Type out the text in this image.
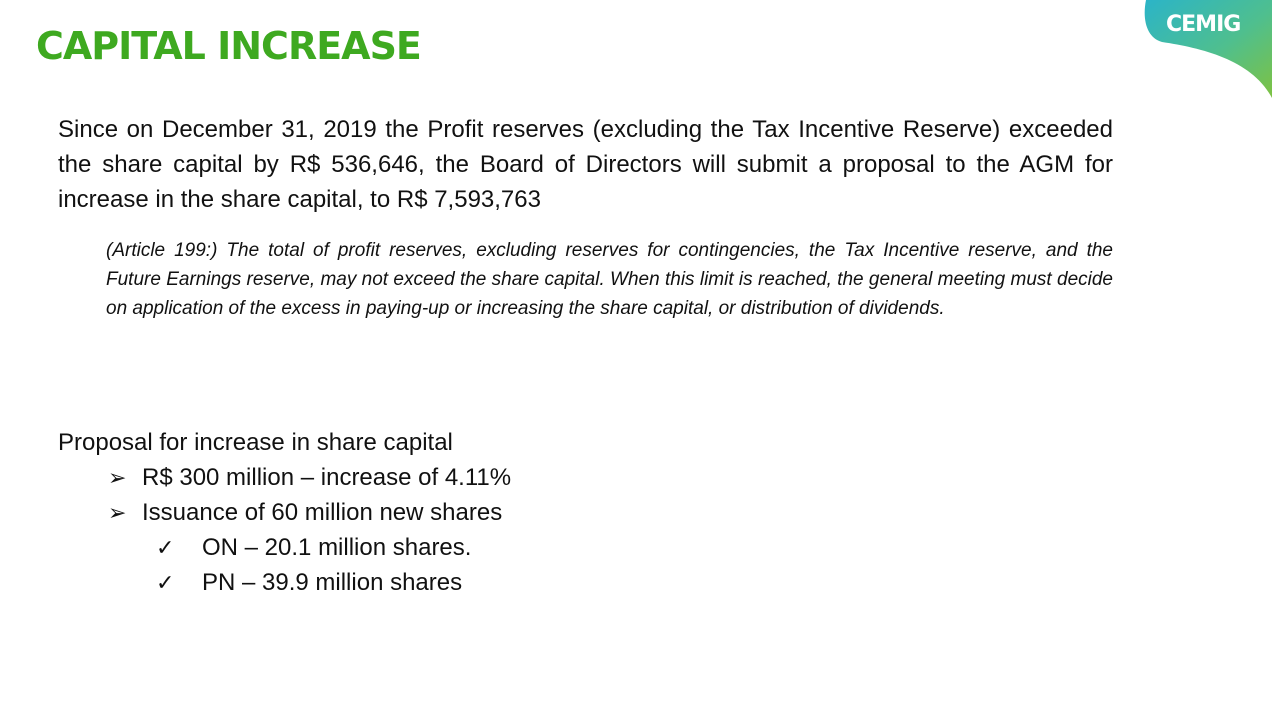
CEMIG
CAPITAL INCREASE

Since on December 31, 2019 the Profit reserves (excluding the Tax Incentive Reserve) exceeded the share capital by R$ 536,646, the Board of Directors will submit a proposal to the AGM for increase in the share capital, to R$ 7,593,763

(Article 199:) The total of profit reserves, excluding reserves for contingencies, the Tax Incentive reserve, and the Future Earnings reserve, may not exceed the share capital. When this limit is reached, the general meeting must decide on application of the excess in paying-up or increasing the share capital, or distribution of dividends.

Proposal for increase in share capital

➢ R$ 300 million – increase of 4.11%
➢ Issuance of 60 million new shares
✓	ON – 20.1 million shares.
✓	PN – 39.9 million shares
